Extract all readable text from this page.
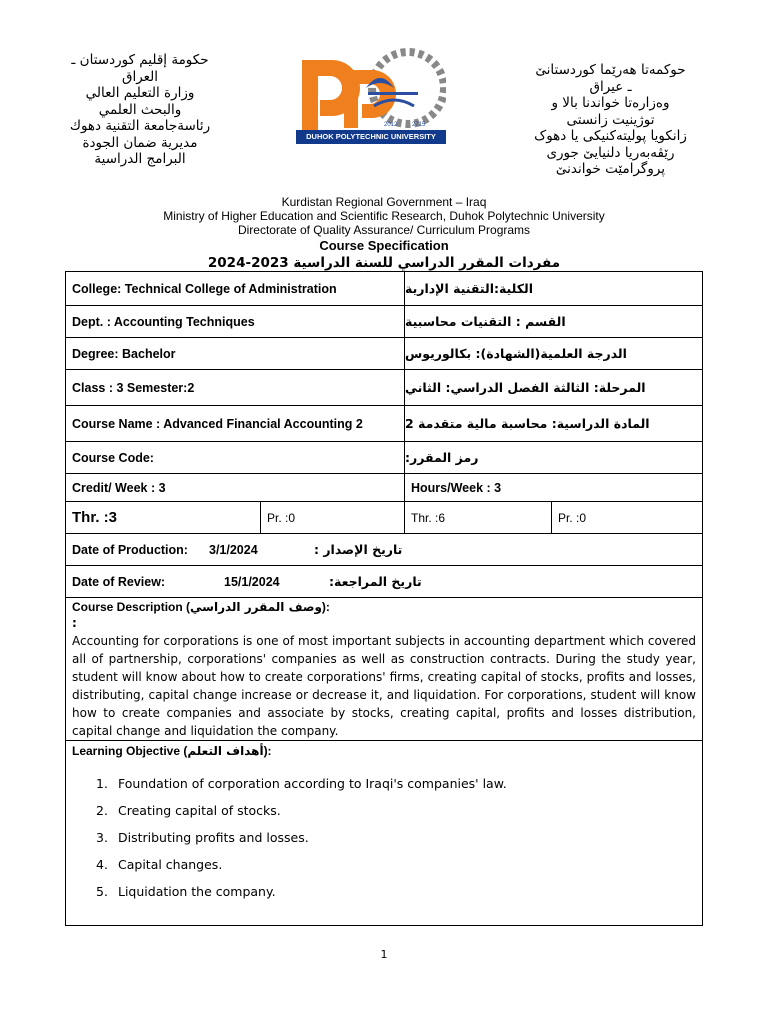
حكومة إقليم كوردستان ـ
العراق
وزارة التعليم العالي
والبحث العلمي
رئاسةجامعة التقنية دهوك
مديرية ضمان الجودة
البرامج الدراسية
2012 2715
DUHOK POLYTECHNIC UNIVERSITY
حوکمەتا هەرێما کوردستانێ
ـ عیراق
وەزارەتا خواندنا بالا و
توژینیت زانستی
زانکویا پولیتەکنیکی یا دهوک
رێڤەبەریا دلنیایێ جوری
پروگرامێت خواندنێ
Kurdistan Regional Government – Iraq
Ministry of Higher Education and Scientific Research, Duhok Polytechnic University
Directorate of Quality Assurance/ Curriculum Programs
Course Specification
مفردات المقرر الدراسي للسنة الدراسية 2023-2024
College: Technical College of Administration	الكلية:التقنية الإدارية
Dept. : Accounting Techniques	القسم : التقنيات محاسبية
Degree: Bachelor	الدرجة العلمية(الشهادة): بكالوريوس
Class : 3 Semester:2	المرحلة: الثالثة الفصل الدراسي: الثاني
Course Name : Advanced Financial Accounting 2	المادة الدراسية: محاسبة مالية متقدمة 2
Course Code:	رمز المقرر:
Credit/ Week : 3	Hours/Week : 3
Thr. :3	Pr. :0	Thr. :6	Pr. :0
Date of Production: 3/1/2024	تاريخ الإصدار :
Date of Review:	15/1/2024	تاريخ المراجعة:
Course Description (وصف المقرر الدراسي):
:
Accounting for corporations is one of most important subjects in accounting department which covered all of partnership, corporations' companies as well as construction contracts. During the study year, student will know about how to create corporations' firms, creating capital of stocks, profits and losses, distributing, capital change increase or decrease it, and liquidation. For corporations, student will know how to create companies and associate by stocks, creating capital, profits and losses distribution, capital change and liquidation the company.
Learning Objective (أهداف التعلم):
1. Foundation of corporation according to Iraqi's companies' law.
2. Creating capital of stocks.
3. Distributing profits and losses.
4. Capital changes.
5. Liquidation the company.
1
